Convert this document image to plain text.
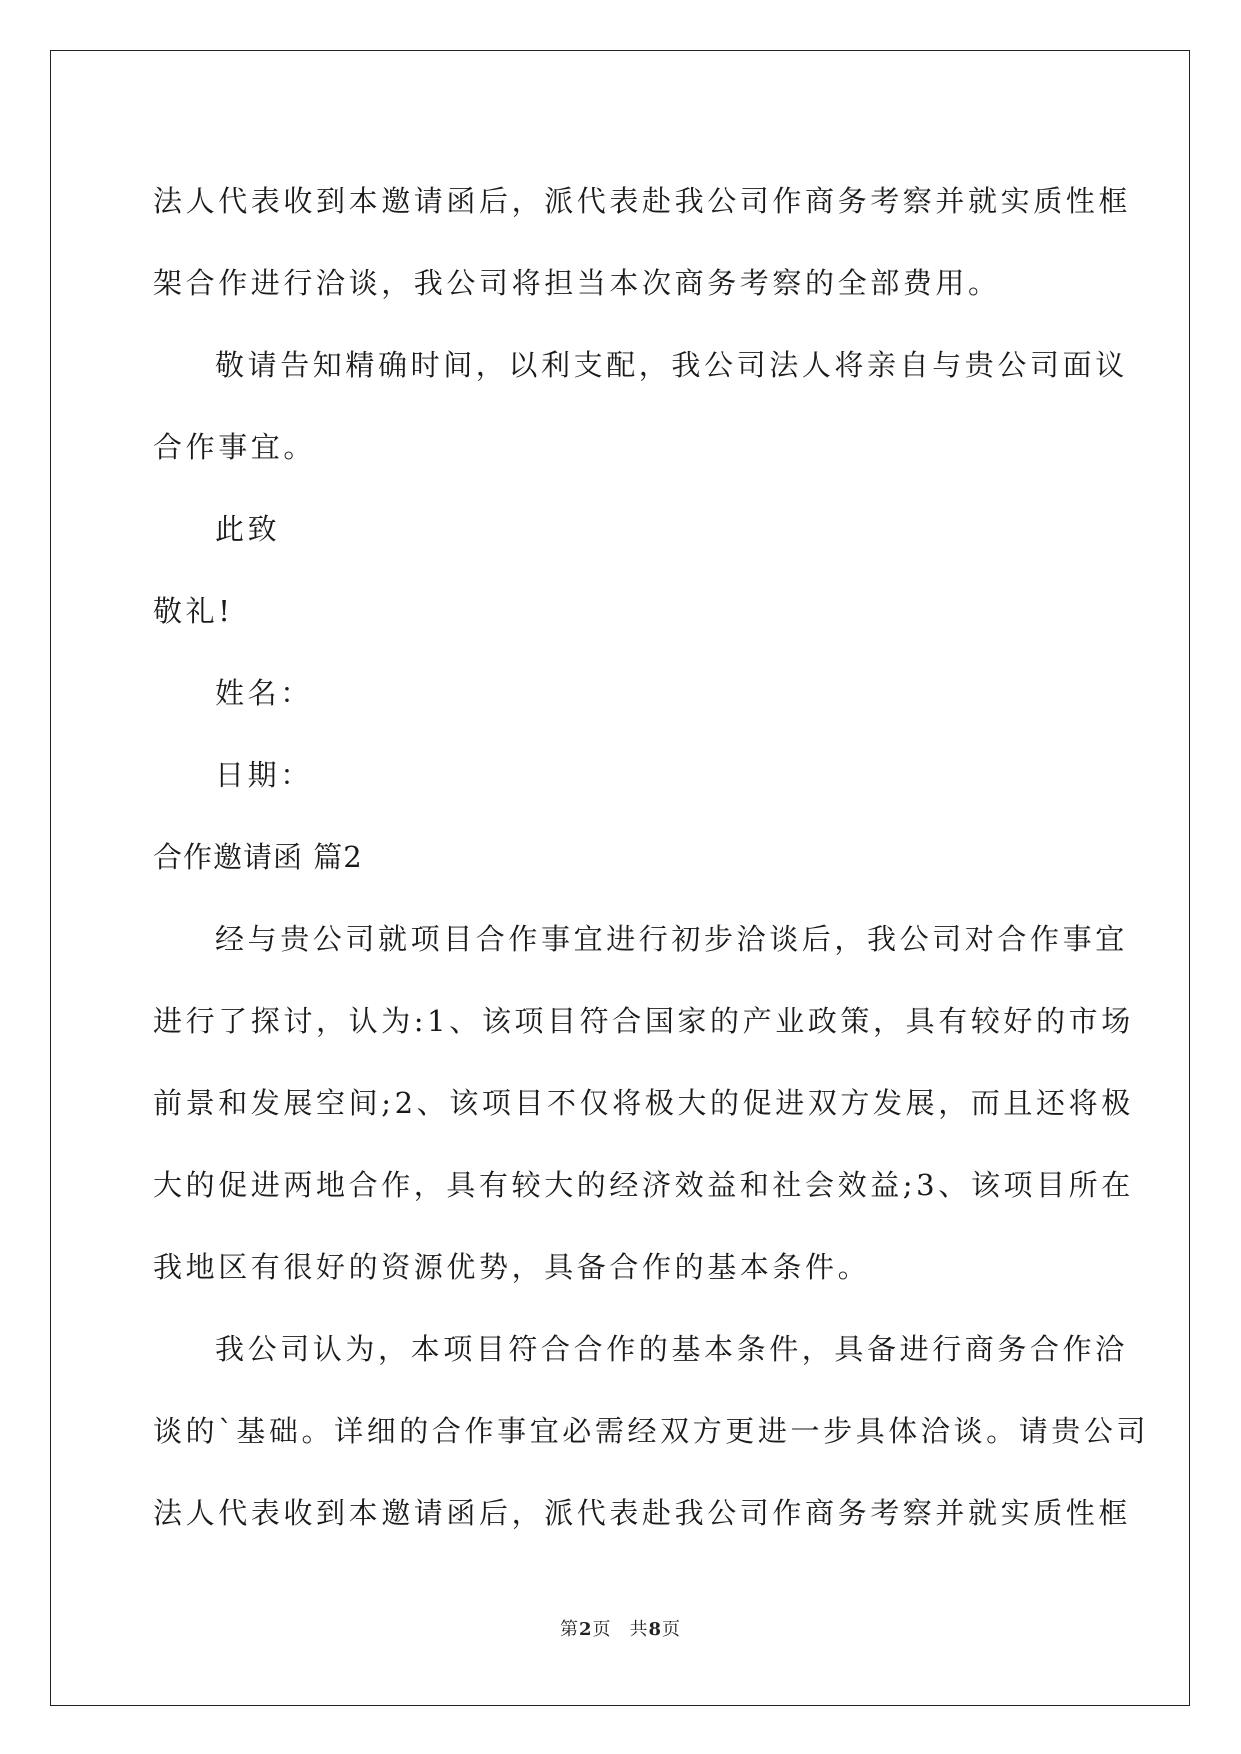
法人代表收到本邀请函后，派代表赴我公司作商务考察并就实质性框
架合作进行洽谈，我公司将担当本次商务考察的全部费用。
敬请告知精确时间，以利支配，我公司法人将亲自与贵公司面议
合作事宜。
此致
敬礼!
姓名：
日期：
合作邀请函 篇2
经与贵公司就项目合作事宜进行初步洽谈后，我公司对合作事宜
进行了探讨，认为:1、该项目符合国家的产业政策，具有较好的市场
前景和发展空间;2、该项目不仅将极大的促进双方发展，而且还将极
大的促进两地合作，具有较大的经济效益和社会效益;3、该项目所在
我地区有很好的资源优势，具备合作的基本条件。
我公司认为，本项目符合合作的基本条件，具备进行商务合作洽
谈的`基础。详细的合作事宜必需经双方更进一步具体洽谈。请贵公司
法人代表收到本邀请函后，派代表赴我公司作商务考察并就实质性框
第2页 共8页
